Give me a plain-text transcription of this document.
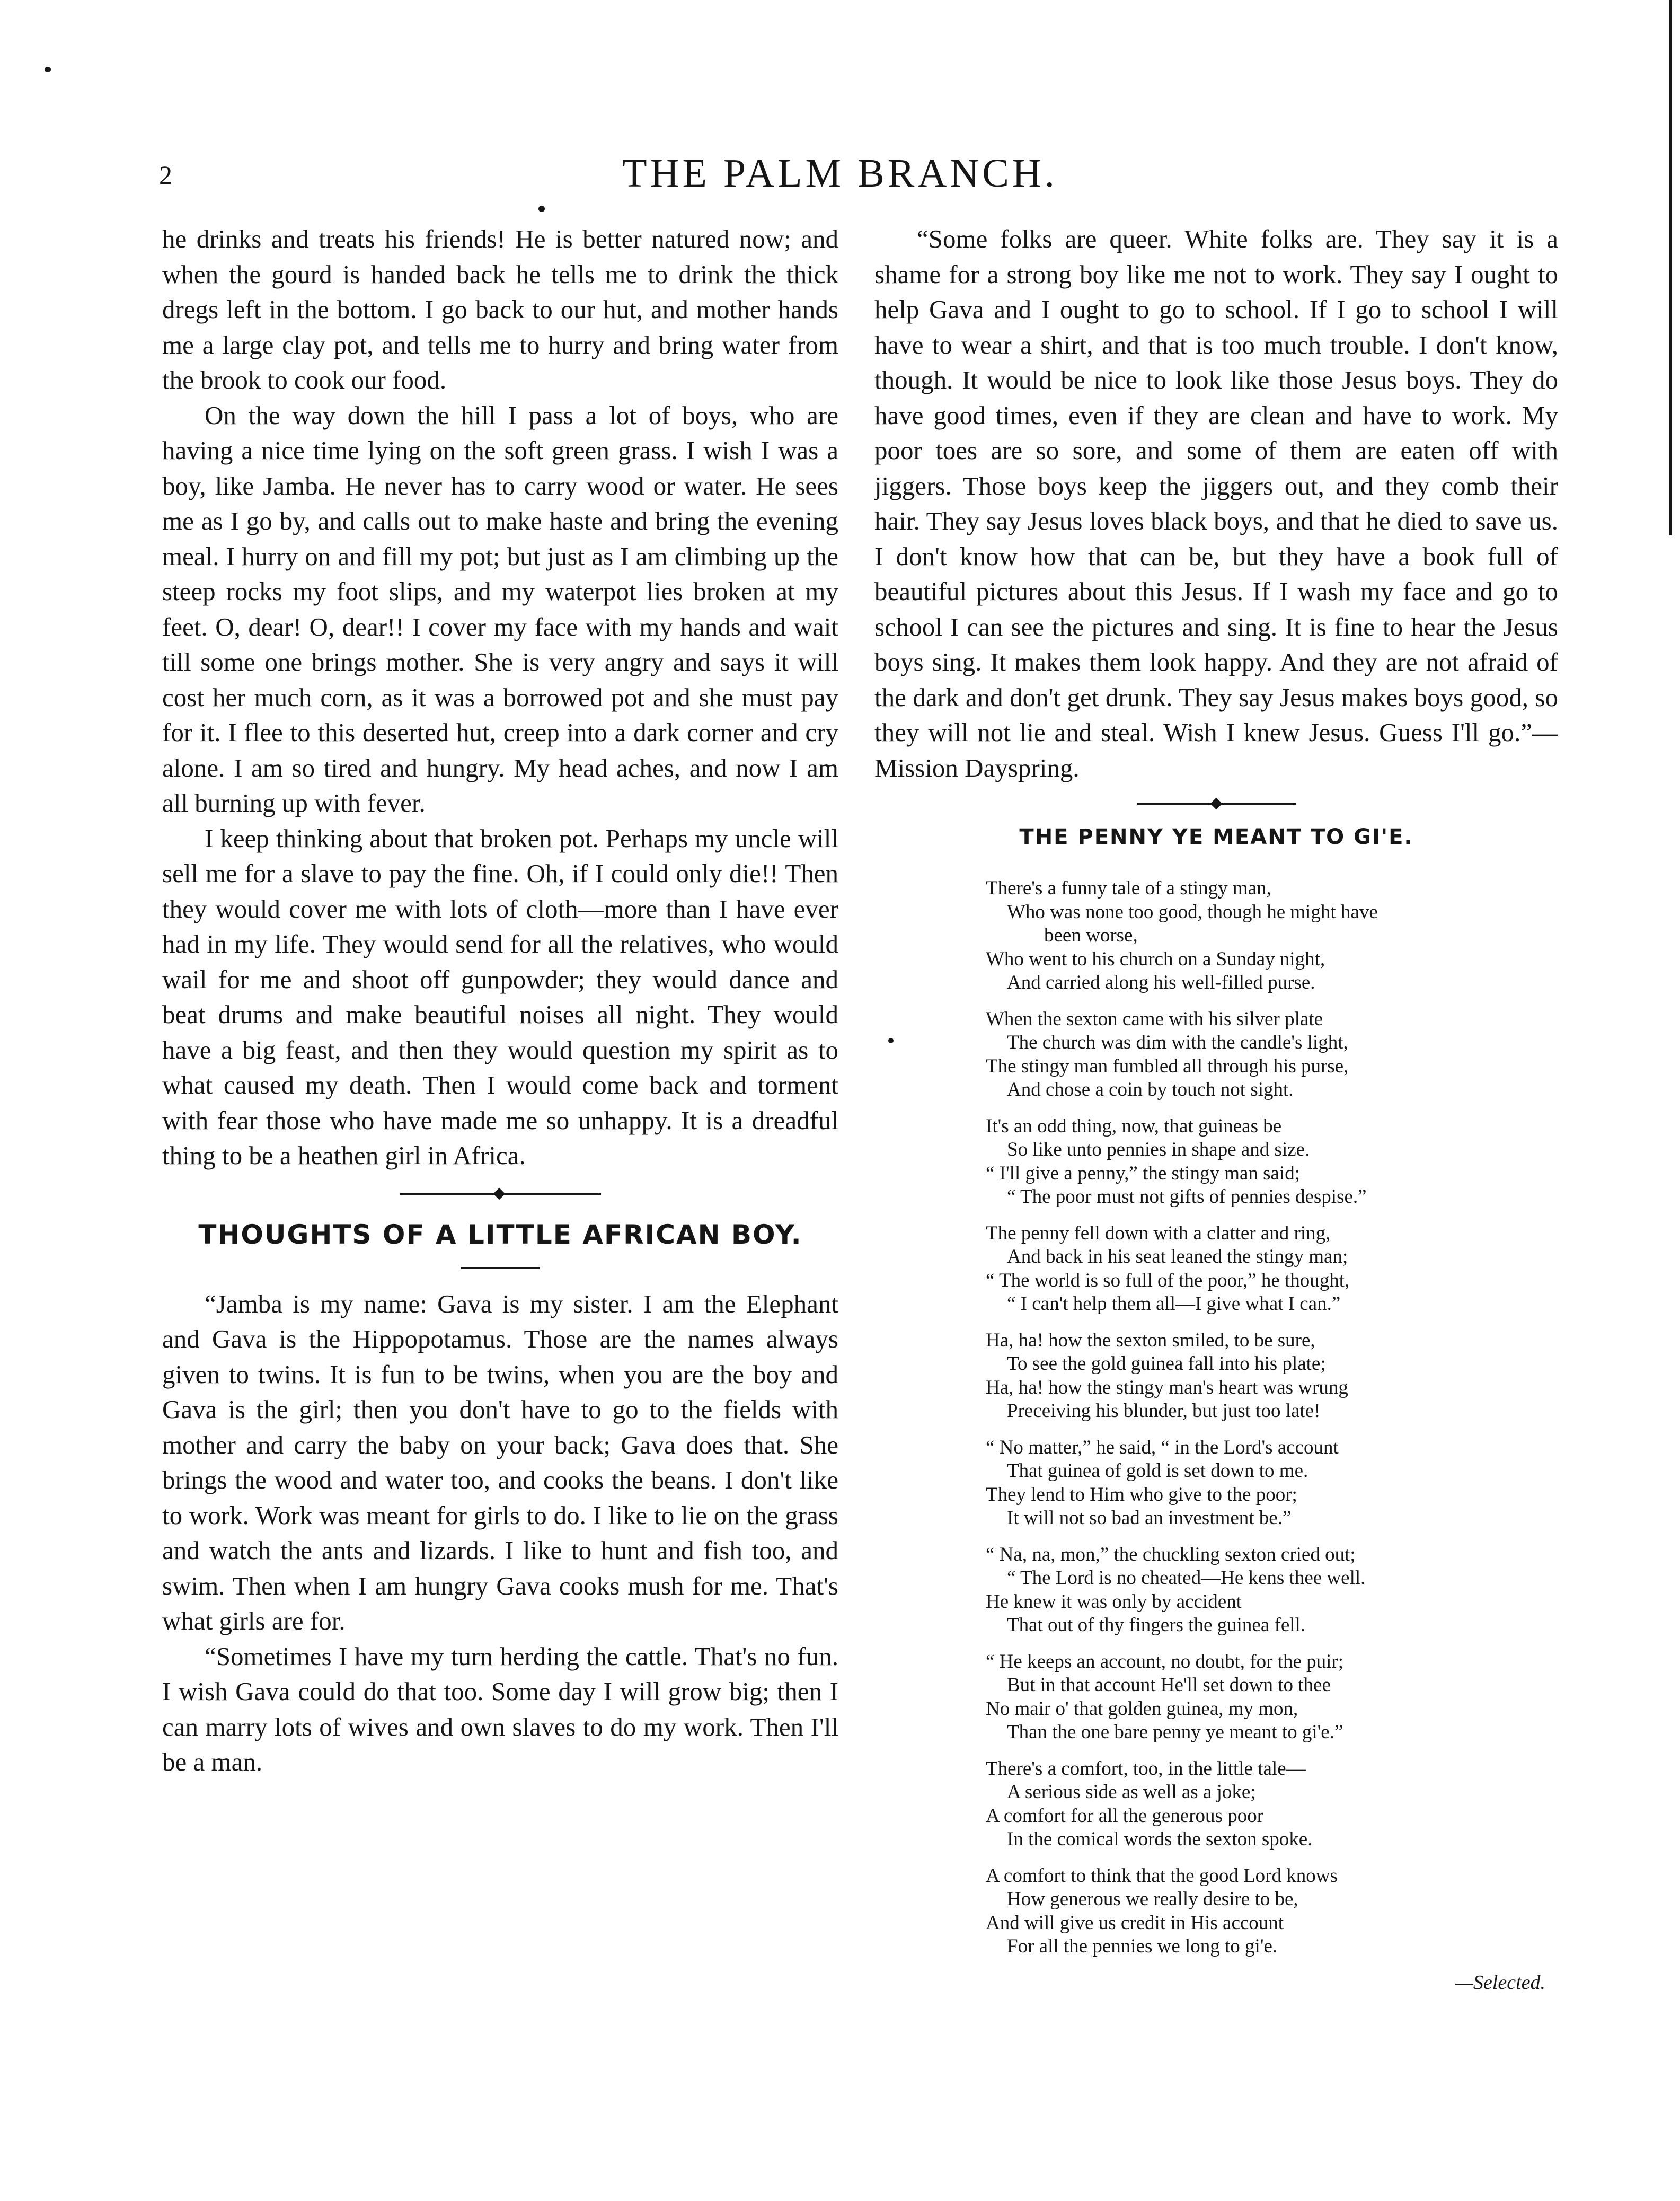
2	THE PALM BRANCH.

he drinks and treats his friends! He is better natured now; and when the gourd is handed back he tells me to drink the thick dregs left in the bottom. I go back to our hut, and mother hands me a large clay pot, and tells me to hurry and bring water from the brook to cook our food.

On the way down the hill I pass a lot of boys, who are having a nice time lying on the soft green grass. I wish I was a boy, like Jamba. He never has to carry wood or water. He sees me as I go by, and calls out to make haste and bring the evening meal. I hurry on and fill my pot; but just as I am climbing up the steep rocks my foot slips, and my waterpot lies broken at my feet. O, dear! O, dear!! I cover my face with my hands and wait till some one brings mother. She is very angry and says it will cost her much corn, as it was a borrowed pot and she must pay for it. I flee to this deserted hut, creep into a dark corner and cry alone. I am so tired and hungry. My head aches, and now I am all burning up with fever.

I keep thinking about that broken pot. Perhaps my uncle will sell me for a slave to pay the fine. Oh, if I could only die!! Then they would cover me with lots of cloth—more than I have ever had in my life. They would send for all the relatives, who would wail for me and shoot off gunpowder; they would dance and beat drums and make beautiful noises all night. They would have a big feast, and then they would question my spirit as to what caused my death. Then I would come back and torment with fear those who have made me so unhappy. It is a dreadful thing to be a heathen girl in Africa.

THOUGHTS OF A LITTLE AFRICAN BOY.

“Jamba is my name: Gava is my sister. I am the Elephant and Gava is the Hippopotamus. Those are the names always given to twins. It is fun to be twins, when you are the boy and Gava is the girl; then you don't have to go to the fields with mother and carry the baby on your back; Gava does that. She brings the wood and water too, and cooks the beans. I don't like to work. Work was meant for girls to do. I like to lie on the grass and watch the ants and lizards. I like to hunt and fish too, and swim. Then when I am hungry Gava cooks mush for me. That's what girls are for.

“Sometimes I have my turn herding the cattle. That's no fun. I wish Gava could do that too. Some day I will grow big; then I can marry lots of wives and own slaves to do my work. Then I'll be a man.

“Some folks are queer. White folks are. They say it is a shame for a strong boy like me not to work. They say I ought to help Gava and I ought to go to school. If I go to school I will have to wear a shirt, and that is too much trouble. I don't know, though. It would be nice to look like those Jesus boys. They do have good times, even if they are clean and have to work. My poor toes are so sore, and some of them are eaten off with jiggers. Those boys keep the jiggers out, and they comb their hair. They say Jesus loves black boys, and that he died to save us. I don't know how that can be, but they have a book full of beautiful pictures about this Jesus. If I wash my face and go to school I can see the pictures and sing. It is fine to hear the Jesus boys sing. It makes them look happy. And they are not afraid of the dark and don't get drunk. They say Jesus makes boys good, so they will not lie and steal. Wish I knew Jesus. Guess I'll go.”—Mission Dayspring.

THE PENNY YE MEANT TO GI'E.
There's a funny tale of a stingy man,
Who was none too good, though he might have
been worse,
Who went to his church on a Sunday night,
And carried along his well-filled purse.
When the sexton came with his silver plate
The church was dim with the candle's light,
The stingy man fumbled all through his purse,
And chose a coin by touch not sight.
It's an odd thing, now, that guineas be
So like unto pennies in shape and size.
“ I'll give a penny,” the stingy man said;
“ The poor must not gifts of pennies despise.”
The penny fell down with a clatter and ring,
And back in his seat leaned the stingy man;
“ The world is so full of the poor,” he thought,
“ I can't help them all—I give what I can.”
Ha, ha! how the sexton smiled, to be sure,
To see the gold guinea fall into his plate;
Ha, ha! how the stingy man's heart was wrung
Preceiving his blunder, but just too late!
“ No matter,” he said, “ in the Lord's account
That guinea of gold is set down to me.
They lend to Him who give to the poor;
It will not so bad an investment be.”
“ Na, na, mon,” the chuckling sexton cried out;
“ The Lord is no cheated—He kens thee well.
He knew it was only by accident
That out of thy fingers the guinea fell.
“ He keeps an account, no doubt, for the puir;
But in that account He'll set down to thee
No mair o' that golden guinea, my mon,
Than the one bare penny ye meant to gi'e.”
There's a comfort, too, in the little tale—
A serious side as well as a joke;
A comfort for all the generous poor
In the comical words the sexton spoke.
A comfort to think that the good Lord knows
How generous we really desire to be,
And will give us credit in His account
For all the pennies we long to gi'e.
—Selected.
